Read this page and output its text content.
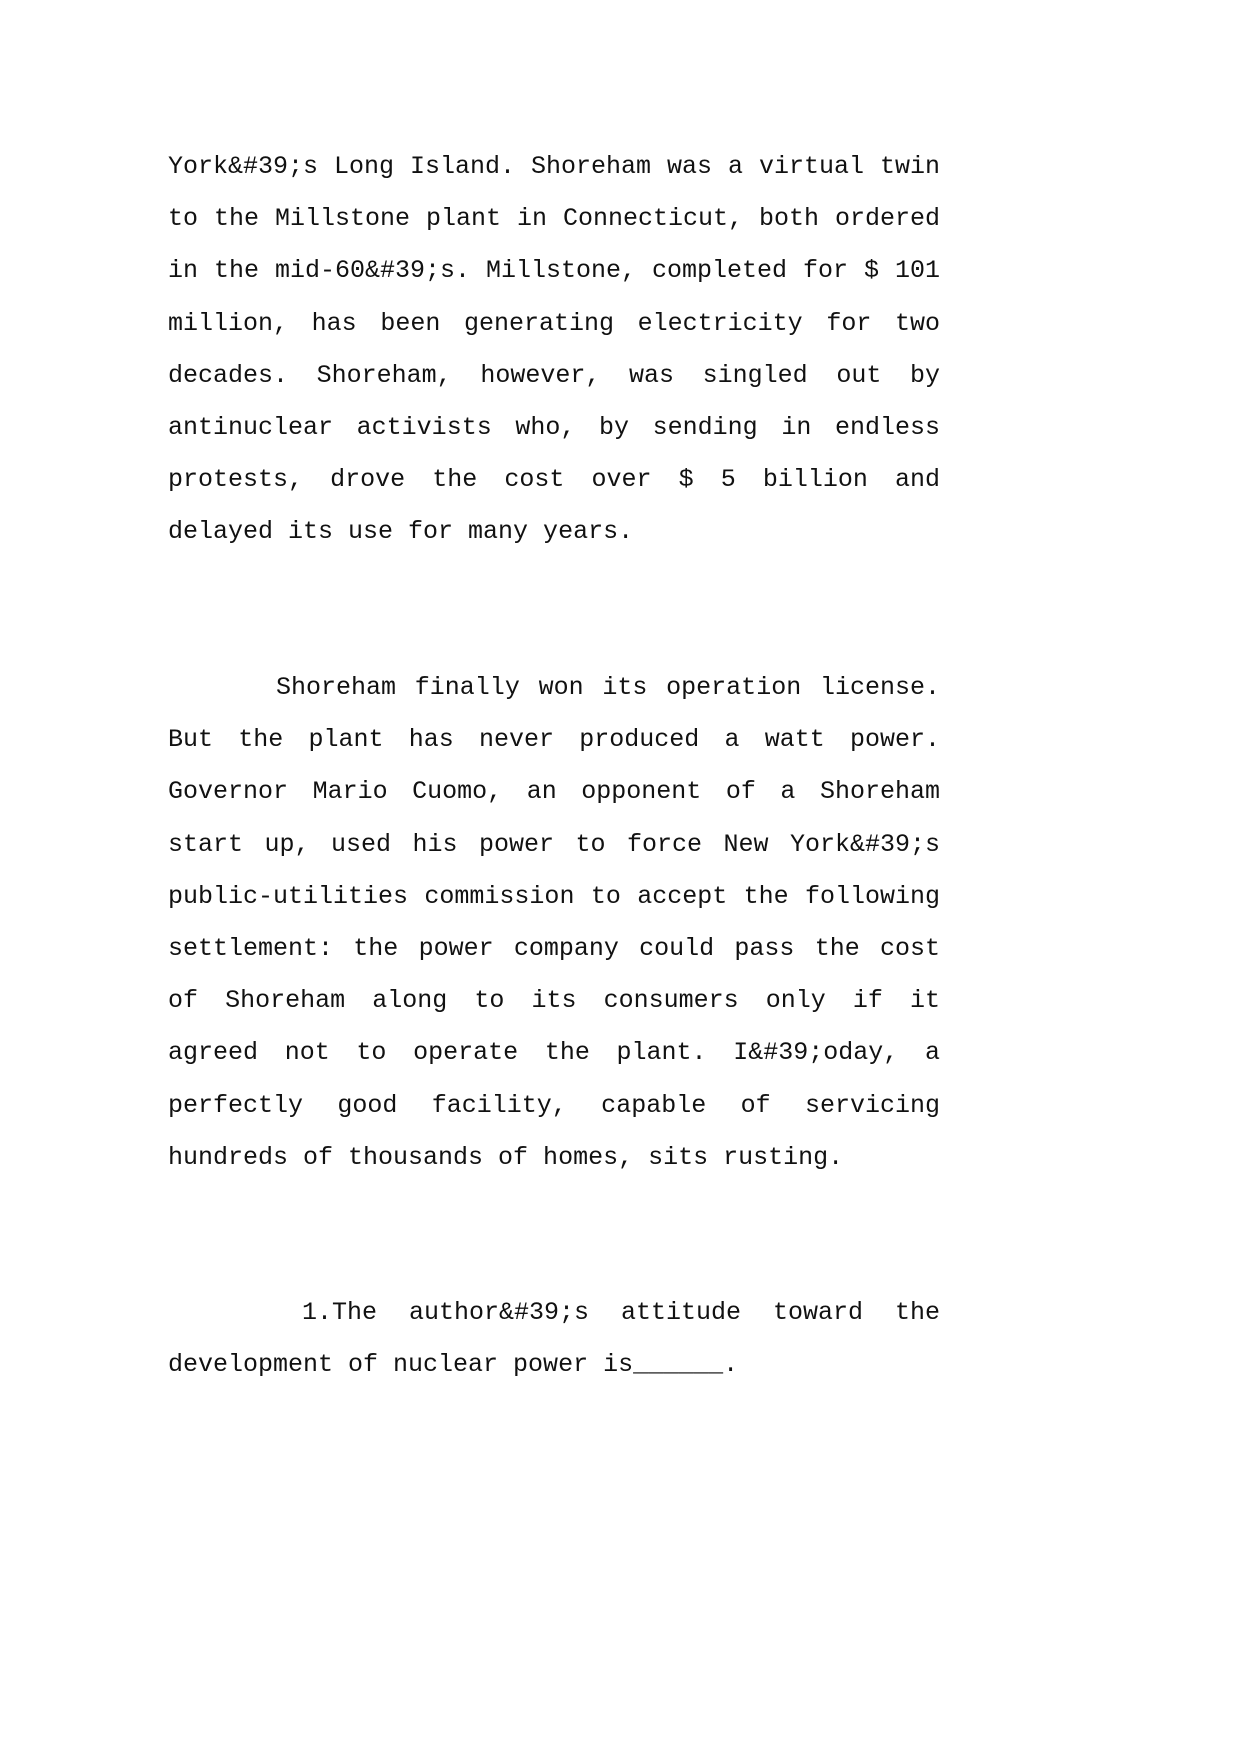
York&#39;s Long Island. Shoreham was a virtual twin
to the Millstone plant in Connecticut, both ordered
in the mid-60&#39;s. Millstone, completed for $ 101
million, has been generating electricity for two
decades. Shoreham, however, was singled out by
antinuclear activists who, by sending in endless
protests, drove the cost over $ 5 billion and
delayed its use for many years.
Shoreham finally won its operation license.
But the plant has never produced a watt power.
Governor Mario Cuomo, an opponent of a Shoreham
start up, used his power to force New York&#39;s
public-utilities commission to accept the following
settlement: the power company could pass the cost
of Shoreham along to its consumers only if it
agreed not to operate the plant. I&#39;oday, a
perfectly good facility, capable of servicing
hundreds of thousands of homes, sits rusting.
1.The author&#39;s attitude toward the
development of nuclear power is______.
